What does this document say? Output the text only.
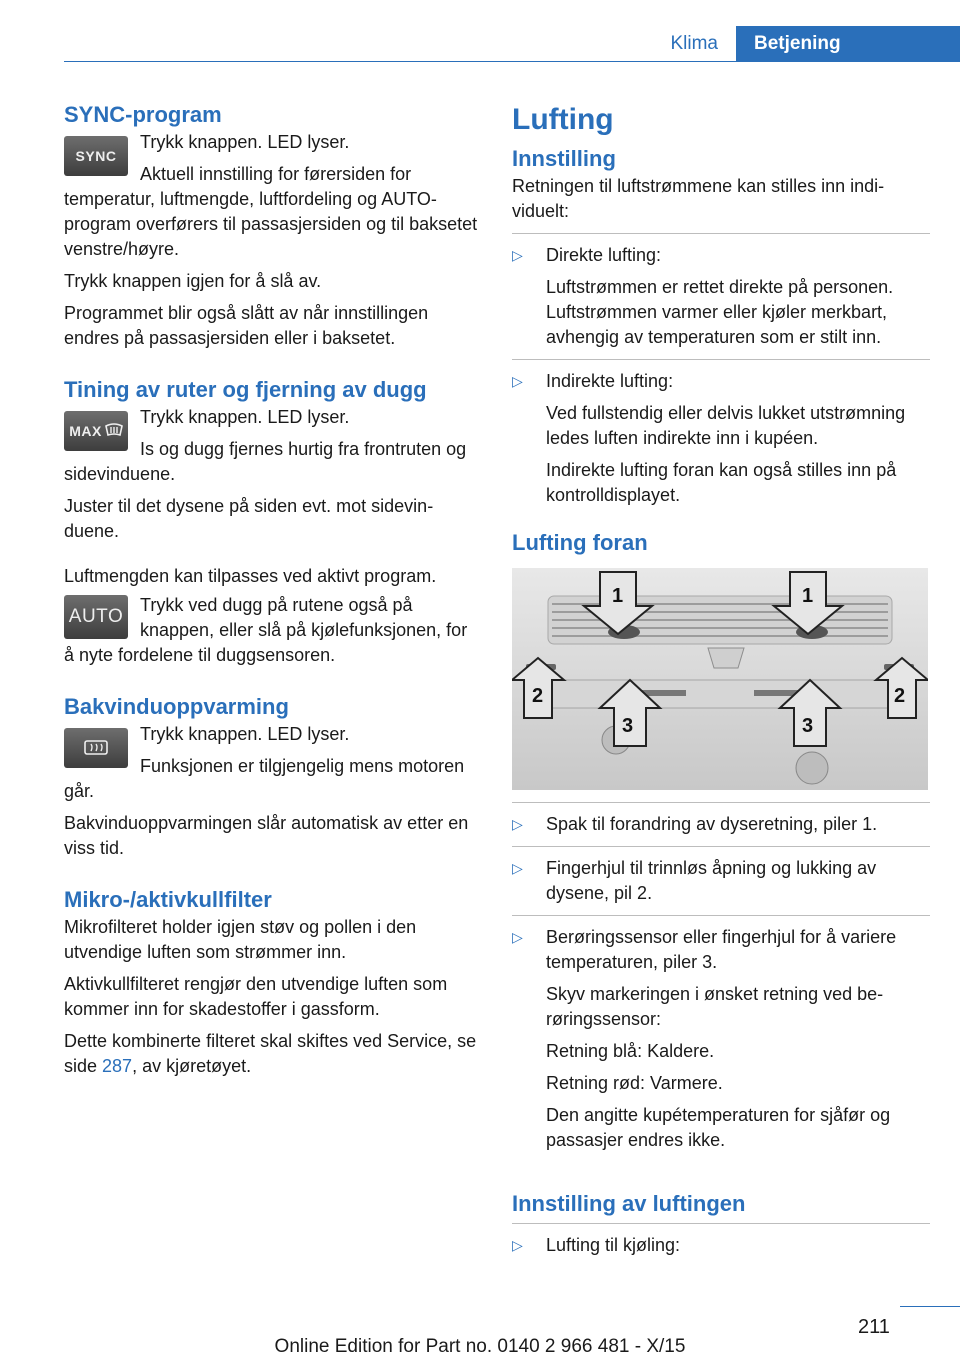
Klima	Betjening
SYNC-program
SYNC

Trykk knappen. LED lyser.

Aktuell innstilling for førersiden for temperatur, luftmengde, luftfordeling og AUTO-program overførers til passasjersiden og til baksetet venstre/høyre.

Trykk knappen igjen for å slå av.

Programmet blir også slått av når innstillingen endres på passasjersiden eller i baksetet.

Tining av ruter og fjerning av dugg
MAX

Trykk knappen. LED lyser.

Is og dugg fjernes hurtig fra frontruten og sidevinduene.

Juster til det dysene på siden evt. mot sidevinduene.

Luftmengden kan tilpasses ved aktivt program.

AUTO

Trykk ved dugg på rutene også på knappen, eller slå på kjølefunksjonen, for å nyte fordelene til duggsensoren.

Bakvinduoppvarming

Trykk knappen. LED lyser.

Funksjonen er tilgjengelig mens motoren går.

Bakvinduoppvarmingen slår automatisk av etter en viss tid.

Mikro-/aktivkullfilter

Mikrofilteret holder igjen støv og pollen i den utvendige luften som strømmer inn.

Aktivkullfilteret rengjør den utvendige luften som kommer inn for skadestoffer i gassform.

Dette kombinerte filteret skal skiftes ved Service, se side 287, av kjøretøyet.

Lufting
Innstilling

Retningen til luftstrømmene kan stilles inn individuelt:

▷ Direkte lufting:

Luftstrømmen er rettet direkte på personen. Luftstrømmen varmer eller kjøler merkbart, avhengig av temperaturen som er stilt inn.

▷ Indirekte lufting:

Ved fullstendig eller delvis lukket utstrømning ledes luften indirekte inn i kupéen.

Indirekte lufting foran kan også stilles inn på kontrolldisplayet.

Lufting foran
1	1
2
3	3
2
▷ Spak til forandring av dyseretning, piler 1.
▷ Fingerhjul til trinnløs åpning og lukking av dysene, pil 2.
▷ Berøringssensor eller fingerhjul for å variere temperaturen, piler 3.

Skyv markeringen i ønsket retning ved berøringssensor:

Retning blå: Kaldere.

Retning rød: Varmere.

Den angitte kupétemperaturen for sjåfør og passasjer endres ikke.

Innstilling av luftingen
▷ Lufting til kjøling:
211
Online Edition for Part no. 0140 2 966 481 - X/15
